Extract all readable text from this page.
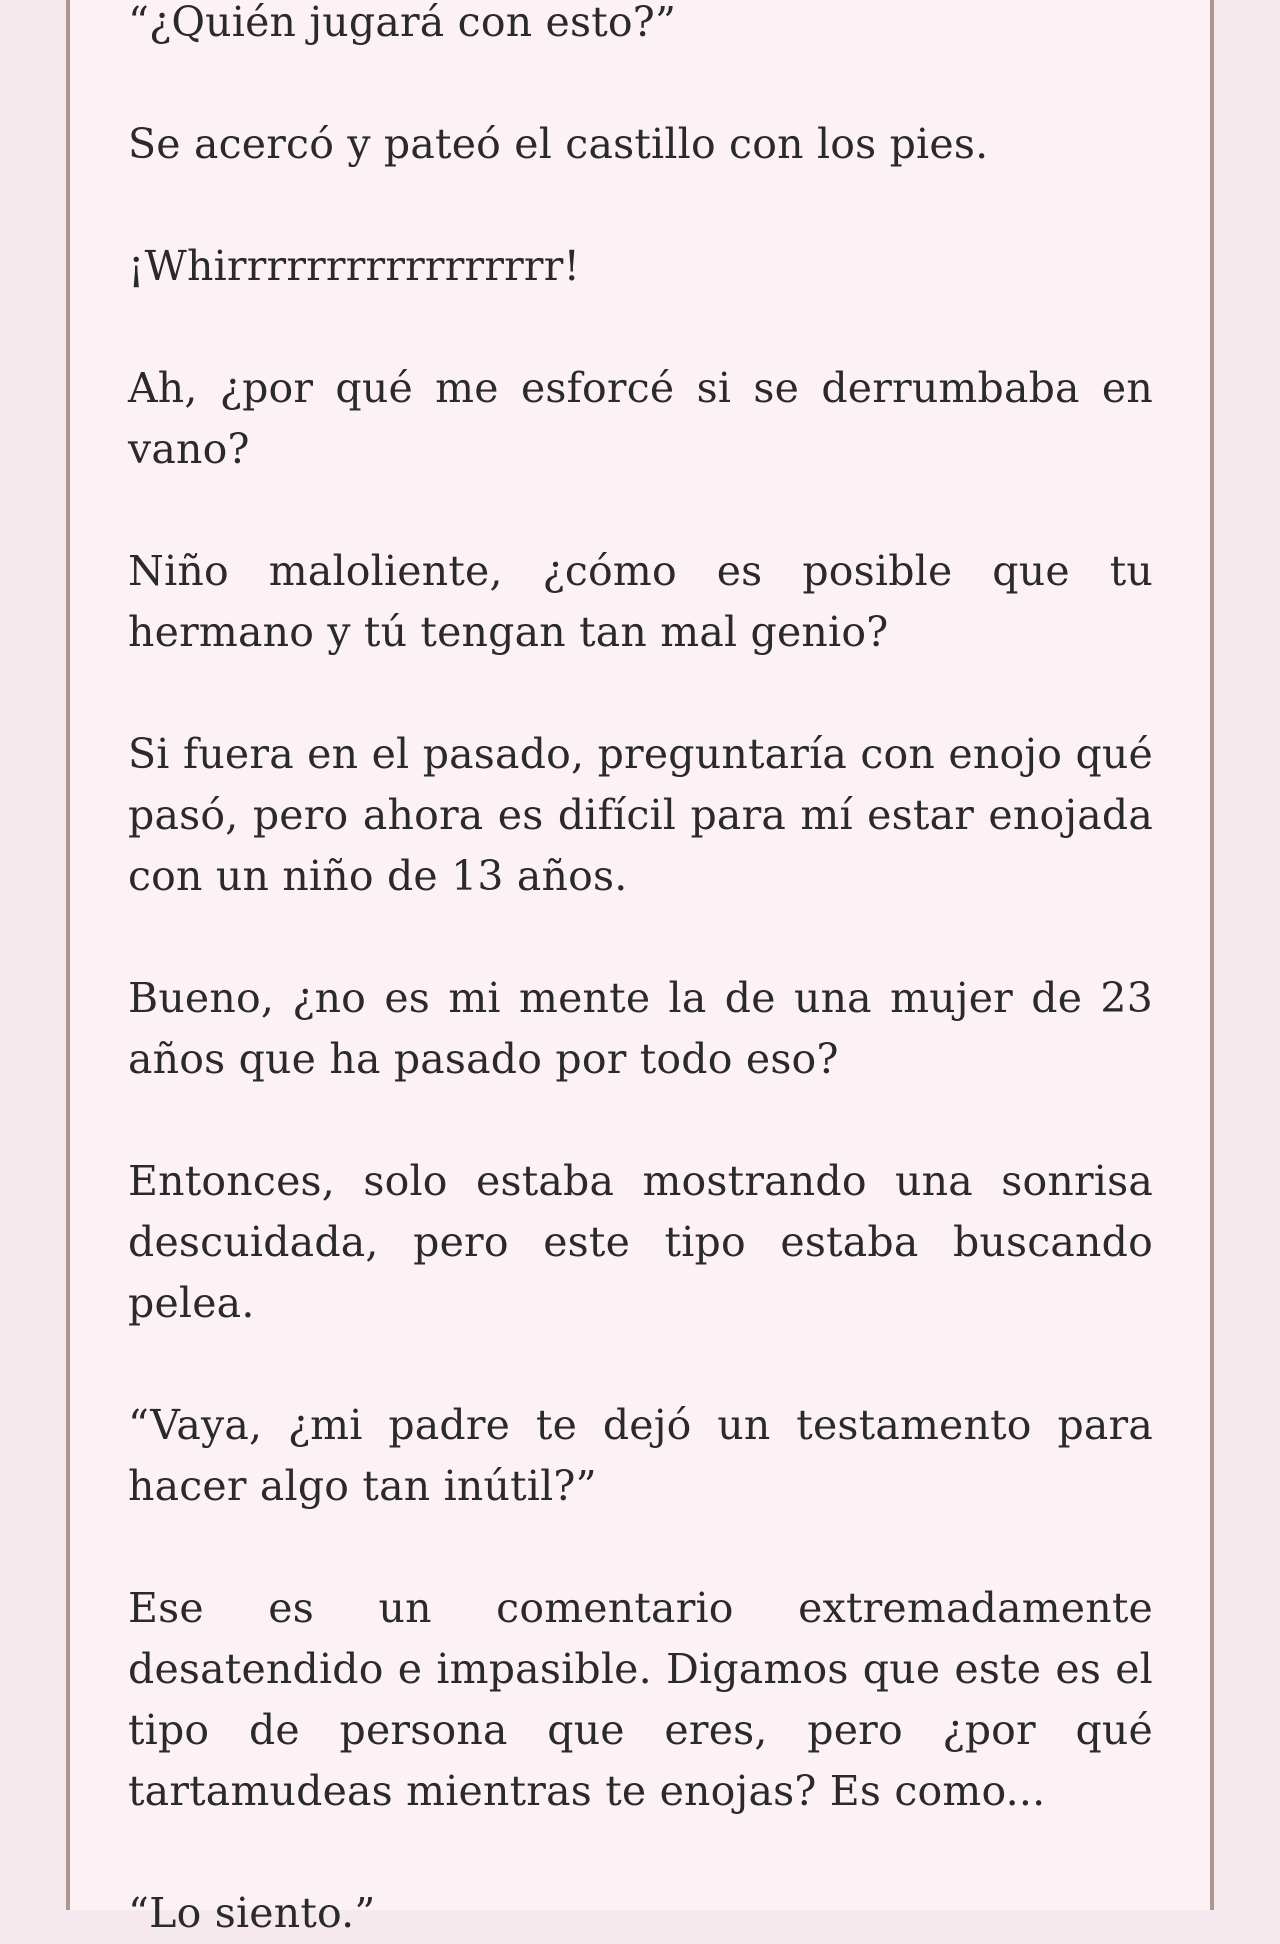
“¿Quién jugará con esto?”

Se acercó y pateó el castillo con los pies.

¡Whirrrrrrrrrrrrrrrrr!

Ah, ¿por qué me esforcé si se derrumbaba en vano?

Niño maloliente, ¿cómo es posible que tu hermano y tú tengan tan mal genio?

Si fuera en el pasado, preguntaría con enojo qué pasó, pero ahora es difícil para mí estar enojada con un niño de 13 años.

Bueno, ¿no es mi mente la de una mujer de 23 años que ha pasado por todo eso?

Entonces, solo estaba mostrando una sonrisa descuidada, pero este tipo estaba buscando pelea.

“Vaya, ¿mi padre te dejó un testamento para hacer algo tan inútil?”

Ese es un comentario extremadamente desatendido e impasible. Digamos que este es el tipo de persona que eres, pero ¿por qué tartamudeas mientras te enojas? Es como...

“Lo siento.”
